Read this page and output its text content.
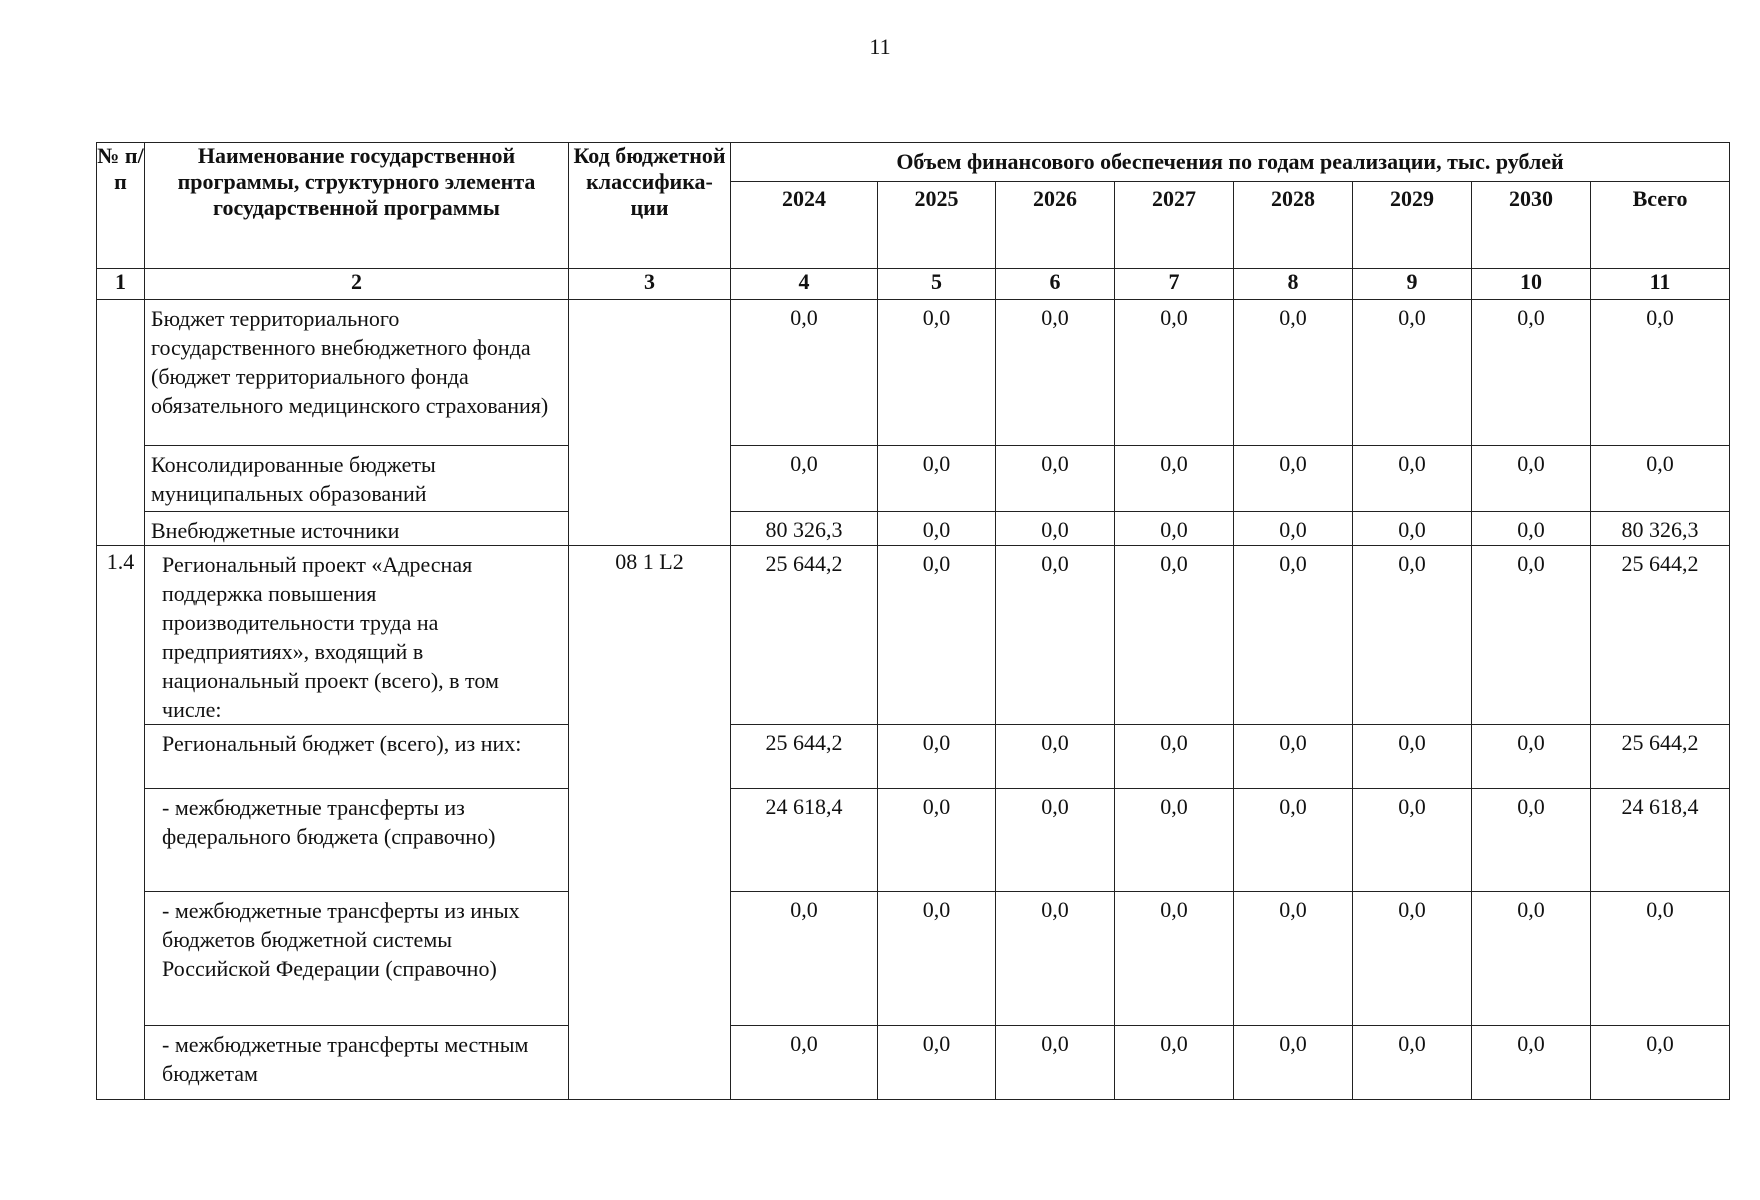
11
№ п/п	Наименование государственной программы, структурного элемента государственной программы	Код бюджетной классифика-ции	Объем финансового обеспечения по годам реализации, тыс. рублей							
			2024	2025	2026	2027	2028	2029	2030	Всего
1	2	3	4	5	6	7	8	9	10	11
	Бюджет территориального государственного внебюджетного фонда (бюджет территориального фонда обязательного медицинского страхования)		0,0	0,0	0,0	0,0	0,0	0,0	0,0	0,0
	Консолидированные бюджеты муниципальных образований		0,0	0,0	0,0	0,0	0,0	0,0	0,0	0,0
	Внебюджетные источники		80 326,3	0,0	0,0	0,0	0,0	0,0	0,0	80 326,3
1.4	Региональный проект «Адресная поддержка повышения производительности труда на предприятиях», входящий в национальный проект (всего), в том числе:	08 1 L2	25 644,2	0,0	0,0	0,0	0,0	0,0	0,0	25 644,2
	Региональный бюджет (всего), из них:		25 644,2	0,0	0,0	0,0	0,0	0,0	0,0	25 644,2
	- межбюджетные трансферты из федерального бюджета (справочно)		24 618,4	0,0	0,0	0,0	0,0	0,0	0,0	24 618,4
	- межбюджетные трансферты из иных бюджетов бюджетной системы Российской Федерации (справочно)		0,0	0,0	0,0	0,0	0,0	0,0	0,0	0,0
	- межбюджетные трансферты местным бюджетам		0,0	0,0	0,0	0,0	0,0	0,0	0,0	0,0
